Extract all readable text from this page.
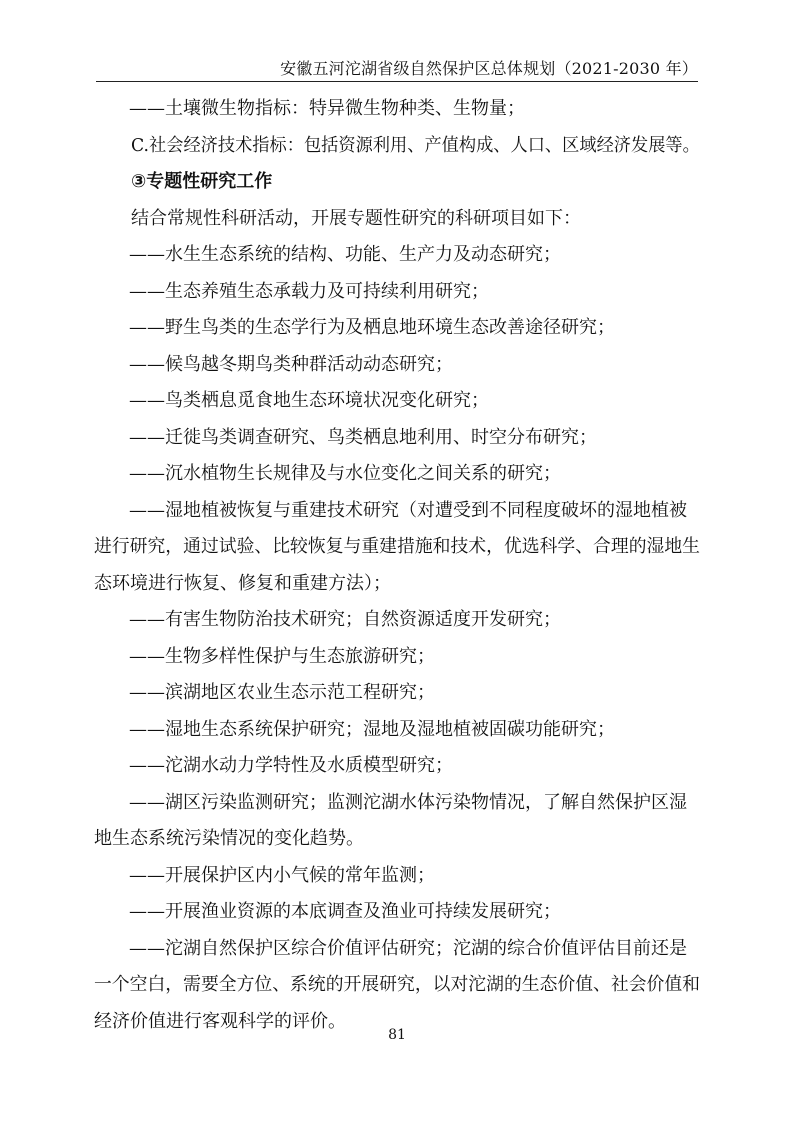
安徽五河沱湖省级自然保护区总体规划（2021-2030 年）
——土壤微生物指标：特异微生物种类、生物量；
C.社会经济技术指标：包括资源利用、产值构成、人口、区域经济发展等。
③专题性研究工作
结合常规性科研活动，开展专题性研究的科研项目如下：
——水生生态系统的结构、功能、生产力及动态研究；
——生态养殖生态承载力及可持续利用研究；
——野生鸟类的生态学行为及栖息地环境生态改善途径研究；
——候鸟越冬期鸟类种群活动动态研究；
——鸟类栖息觅食地生态环境状况变化研究；
——迁徙鸟类调查研究、鸟类栖息地利用、时空分布研究；
——沉水植物生长规律及与水位变化之间关系的研究；
——湿地植被恢复与重建技术研究（对遭受到不同程度破坏的湿地植被
进行研究，通过试验、比较恢复与重建措施和技术，优选科学、合理的湿地生
态环境进行恢复、修复和重建方法）；
——有害生物防治技术研究；自然资源适度开发研究；
——生物多样性保护与生态旅游研究；
——滨湖地区农业生态示范工程研究；
——湿地生态系统保护研究；湿地及湿地植被固碳功能研究；
——沱湖水动力学特性及水质模型研究；
——湖区污染监测研究；监测沱湖水体污染物情况，了解自然保护区湿
地生态系统污染情况的变化趋势。
——开展保护区内小气候的常年监测；
——开展渔业资源的本底调查及渔业可持续发展研究；
——沱湖自然保护区综合价值评估研究；沱湖的综合价值评估目前还是
一个空白，需要全方位、系统的开展研究，以对沱湖的生态价值、社会价值和
经济价值进行客观科学的评价。
81
